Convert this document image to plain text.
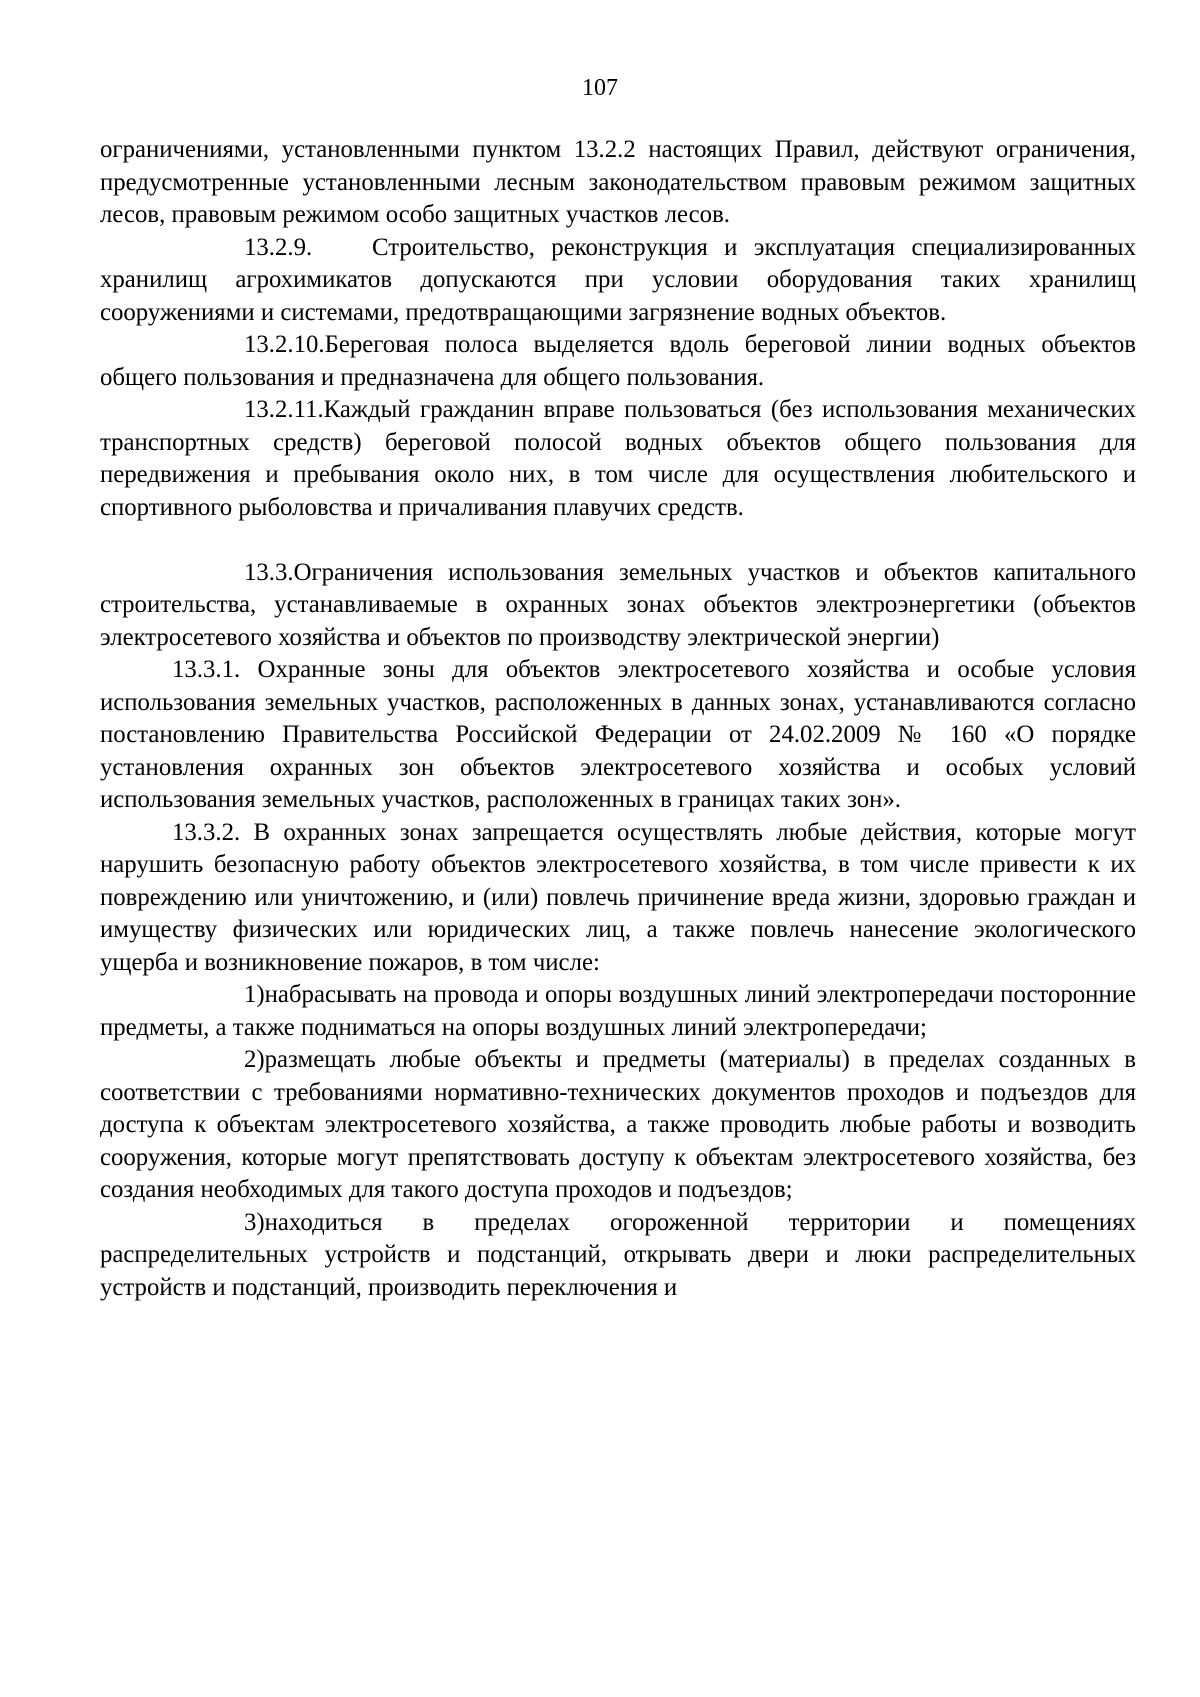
107

ограничениями, установленными пунктом 13.2.2 настоящих Правил, действуют ограничения, предусмотренные установленными лесным законодательством правовым режимом защитных лесов, правовым режимом особо защитных участков лесов.

13.2.9. Строительство, реконструкция и эксплуатация специализированных хранилищ агрохимикатов допускаются при условии оборудования таких хранилищ сооружениями и системами, предотвращающими загрязнение водных объектов.

13.2.10.Береговая полоса выделяется вдоль береговой линии водных объектов общего пользования и предназначена для общего пользования.

13.2.11.Каждый гражданин вправе пользоваться (без использования механических транспортных средств) береговой полосой водных объектов общего пользования для передвижения и пребывания около них, в том числе для осуществления любительского и спортивного рыболовства и причаливания плавучих средств.

13.3.Ограничения использования земельных участков и объектов капитального строительства, устанавливаемые в охранных зонах объектов электроэнергетики (объектов электросетевого хозяйства и объектов по производству электрической энергии)

13.3.1. Охранные зоны для объектов электросетевого хозяйства и особые условия использования земельных участков, расположенных в данных зонах, устанавливаются согласно постановлению Правительства Российской Федерации от 24.02.2009 № 160 «О порядке установления охранных зон объектов электросетевого хозяйства и особых условий использования земельных участков, расположенных в границах таких зон».

13.3.2. В охранных зонах запрещается осуществлять любые действия, которые могут нарушить безопасную работу объектов электросетевого хозяйства, в том числе привести к их повреждению или уничтожению, и (или) повлечь причинение вреда жизни, здоровью граждан и имуществу физических или юридических лиц, а также повлечь нанесение экологического ущерба и возникновение пожаров, в том числе:

1)набрасывать на провода и опоры воздушных линий электропередачи посторонние предметы, а также подниматься на опоры воздушных линий электропередачи;

2)размещать любые объекты и предметы (материалы) в пределах созданных в соответствии с требованиями нормативно-технических документов проходов и подъездов для доступа к объектам электросетевого хозяйства, а также проводить любые работы и возводить сооружения, которые могут препятствовать доступу к объектам электросетевого хозяйства, без создания необходимых для такого доступа проходов и подъездов;

3)находиться в пределах огороженной территории и помещениях распределительных устройств и подстанций, открывать двери и люки распределительных устройств и подстанций, производить переключения и
